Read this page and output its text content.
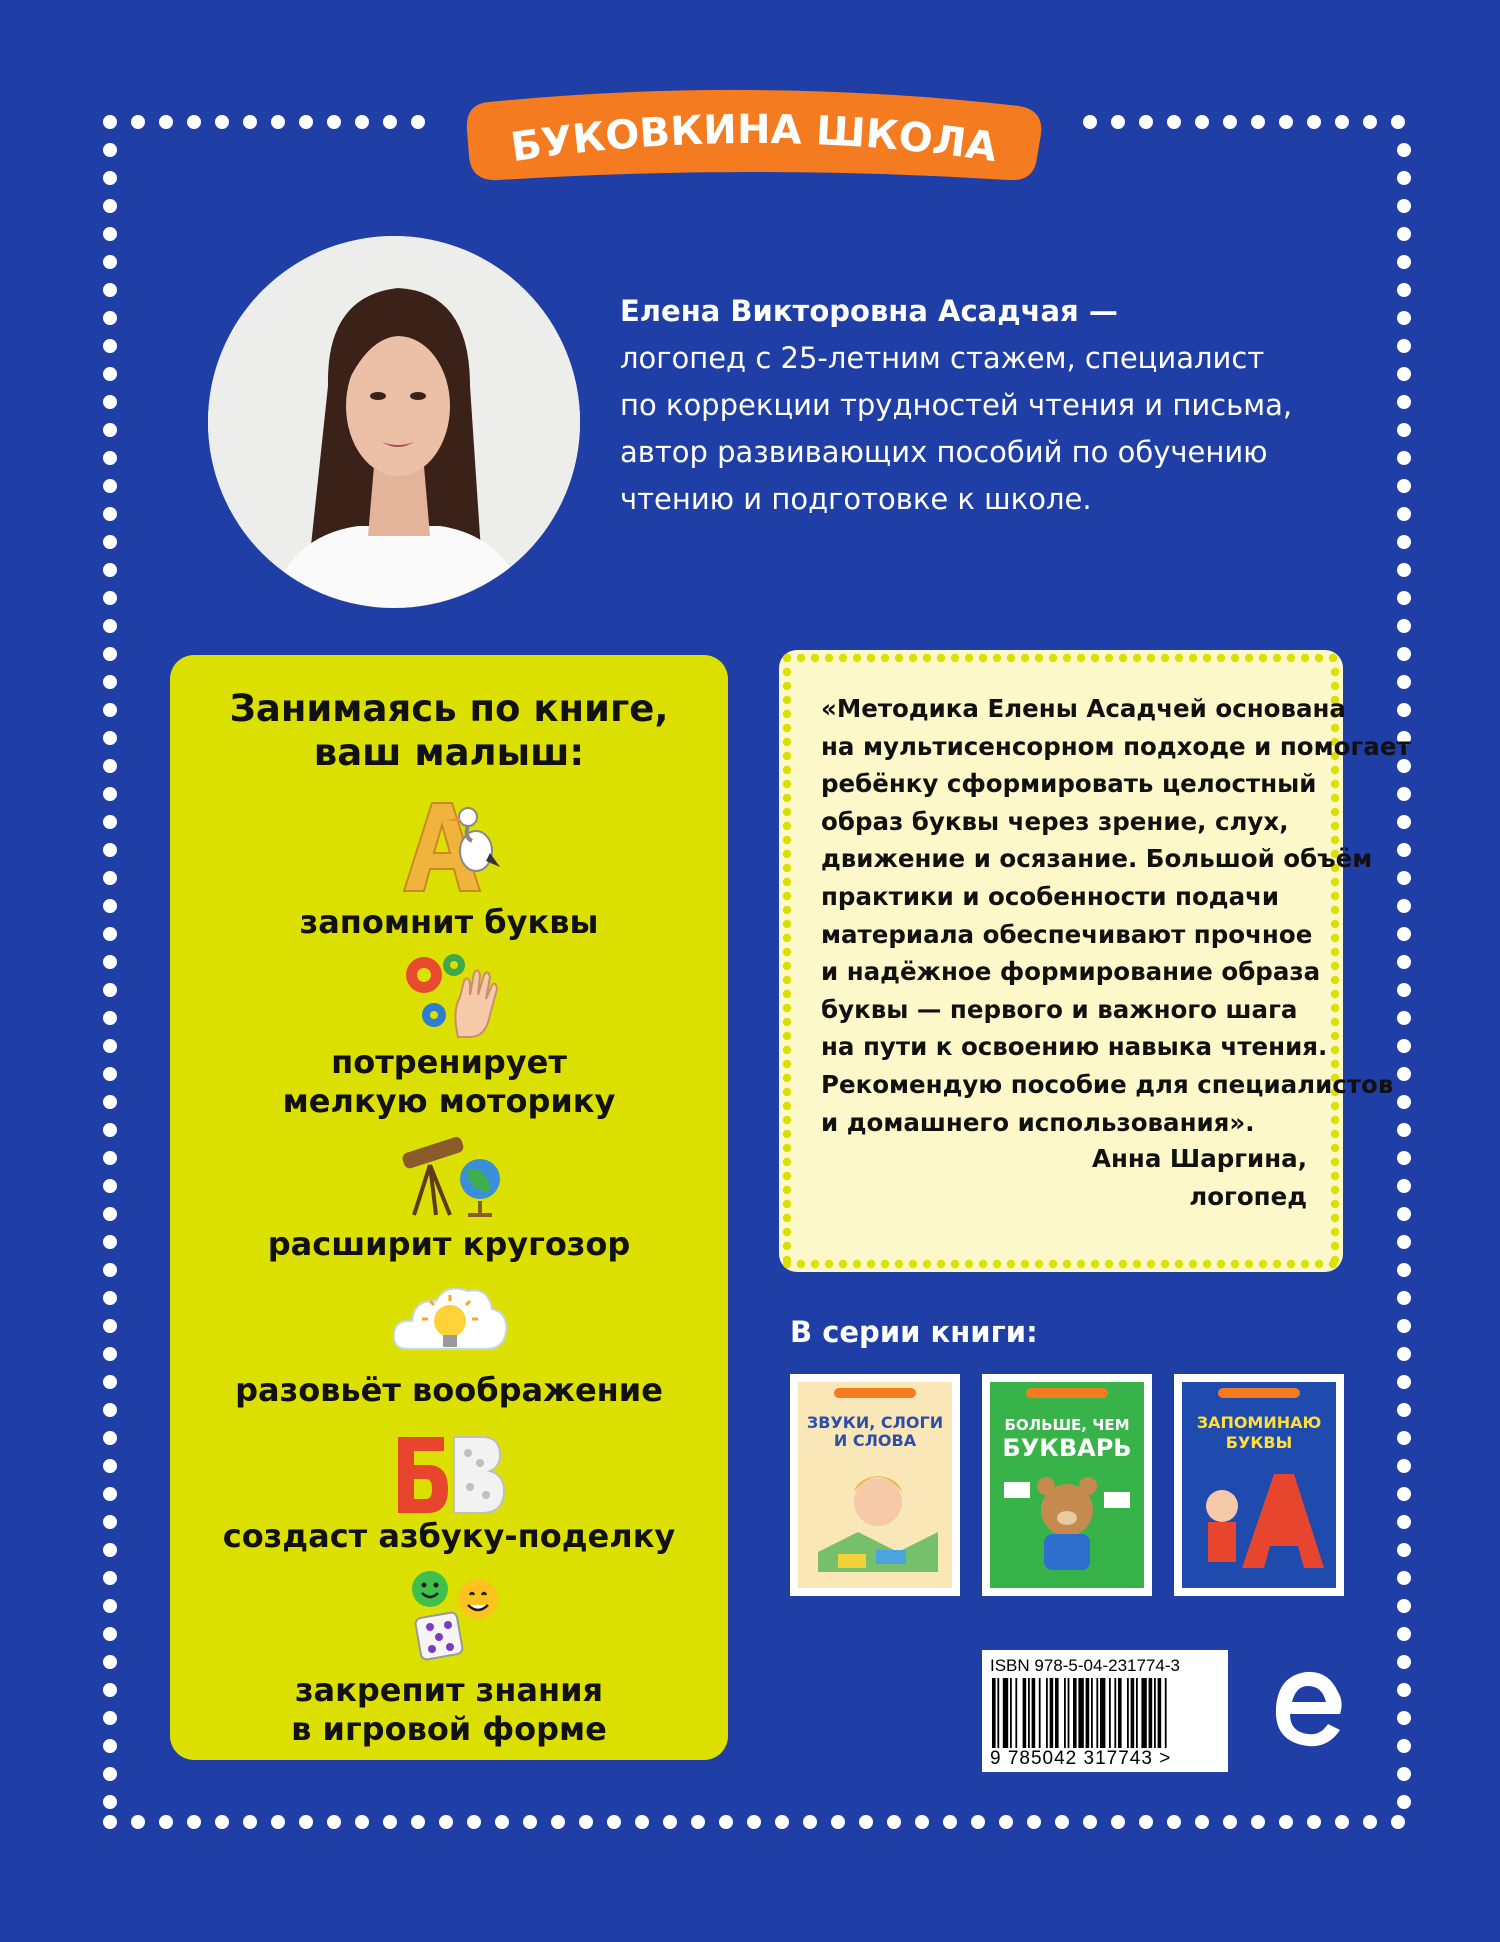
БУКОВКИНА ШКОЛА
Елена Викторовна Асадчая —
логопед с 25-летним стажем, специалист
по коррекции трудностей чтения и письма,
автор развивающих пособий по обучению
чтению и подготовке к школе.
Занимаясь по книге,
ваш малыш:
запомнит буквы
потренирует
мелкую моторику
расширит кругозор
разовьёт воображение
создаст азбуку-поделку
закрепит знания
в игровой форме
«Методика Елены Асадчей основана
на мультисенсорном подходе и помогает
ребёнку сформировать целостный
образ буквы через зрение, слух,
движение и осязание. Большой объём
практики и особенности подачи
материала обеспечивают прочное
и надёжное формирование образа
буквы — первого и важного шага
на пути к освоению навыка чтения.
Рекомендую пособие для специалистов
и домашнего использования».
Анна Шаргина,
логопед
В серии книги:
ЗВУКИ, СЛОГИ
И СЛОВА
БОЛЬШЕ, ЧЕМ
БУКВАРЬ
ЗАПОМИНАЮ
БУКВЫ
ISBN 978-5-04-231774-3
9 785042 317743 >
